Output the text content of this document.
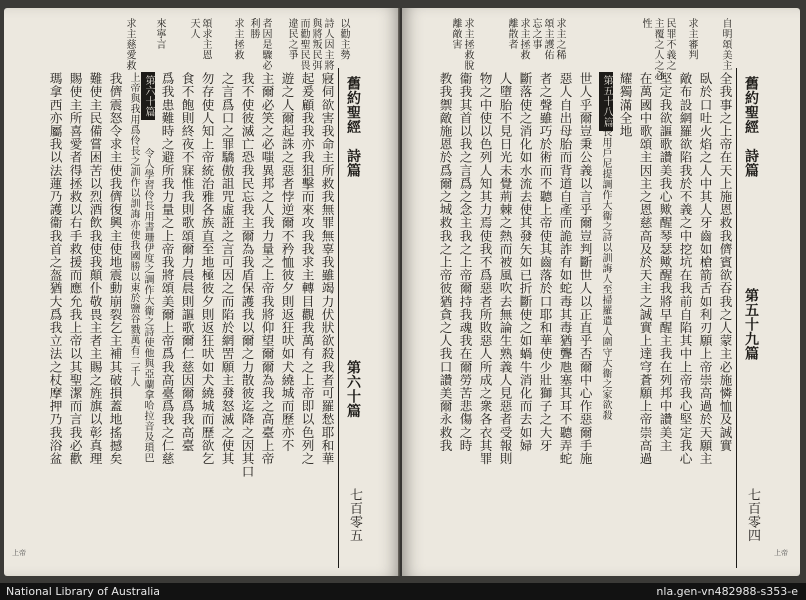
舊約聖經　詩篇
第六十篇
七百零五
詩人因主將
與將叛民弭
而勸聖民畏
違民之爭	以勸主勢
者因是驟必
利勝
求主拯救
頌求主恩
天人
來寧言
求主慈愛救
寢伺欲害我命主所救我無罪無辜我雖竭力伏狀欲殺我者可羅愁耶和華
起爰顧我我亦我狙擊而來攻我我求主轉目觀我萬有之上帝即以色列之
遊之人爾起誅之惡者悖逆爾不矜恤彼夕則返狂吠如犬繞城而歷亦不
主爾必笑之必嗤異邦之人我力量之上帝我將仰望爾爾為我之高臺上帝
我不使彼滅亡恐我民忘我主爾為我盾保護我以爾之力散彼迄降之因其口
之言爲口之罪驕傲詛咒虛誑之言可因之而陷於網罟願主發怒滅之使其
勿存使人知上帝統治雅各族直至地極彼夕則返狂吠如犬繞城而歷欲乞
食不飽則終夜不寐惟我則歌頌爾力晨晨則謳歌爾仁慈因爾爲我高臺
爲我患難時之避所我力量之上帝我將頌美爾上帝爲我高臺爲我之仁慈
第六十篇
令人學習伶長用書珊伊度之調作大衞之詩使他與亞蘭拿哈拉音及瑣巴
上帝與我用爲伶長之訓作以訓誨亦使我國勝以東於鹽谷戮萬有二千人
我儕震怒令求主使我儕復興主使地震動崩裂乞主補其破損蓋地搖撼矣
難使主民備嘗困苦以烈酒飲我使我顛仆敬畏主者主賜之旌旗以彰真理
賜使主所喜愛者得拯救以右手救援而應允我上帝以其聖潔而言我必歡
瑪拿西亦屬我以法蓮乃護衞我首之盔猶大爲我立法之杖摩押乃我浴盆
上帝
舊約聖經　詩篇
第五十九篇
七百零四
自明頌美主
求主審判
民罪不義之
主覆之人之必
性
求主之稀
頌主護佑
忘之事
求主拯救
離散者
求主拯救脫
離敵害
全我事之上帝在天上施恩救我儕賓欲吞我之人蒙主必施憐恤及誠實
臥於口吐火焰之人中其人牙齒如槍箭舌如利刃願上帝崇高過於天願主
敵布設網羅欲陷我於不義之中挖坑在我前自陷其中上帝我心堅定我心
堅定我欲謳歌讚美我心歟醒琴瑟歟醒我將早醒主我在列邦中讚美主
在萬國中歌頌主因主之恩慈高及於天主之誠實上達穹蒼願上帝崇高過
耀獨滿全地
第五十八篇
伶長用戶尼提調作大衞之詩以訓誨人至掃羅遣人圍守大衞之家欲殺
世人乎爾豈秉公義以言乎爾豈判斷世人以正直乎否爾中心作惡爾手施
惡人自出母胎而背道自產而詭詐有如蛇毒其毒猶聾虺塞其耳不聽弄蛇
者之聲雖巧於術而不聽上帝使其齒落於口耶和華使少壯獅子之大牙
斷落使之消化如水流去使其發矢如已折斷使之如蝸牛消化而去如婦
人墮胎不見日光未覺荊棘之熱而被風吹去無論生熟義人見惡者受報則
物之中使以色列人知其力焉使我不爲惡者所敗惡人所成之衆各衣其罪
衞我其首以我之言爲之念主我之上帝爾持我魂我在爾勞苦悲傷之時
教我禦敵施恩於爲爾之城救我之上帝彼猶貪之人我口讚美爾永救我
上帝
National Library of Australia	nla.gen-vn482988-s353-e
